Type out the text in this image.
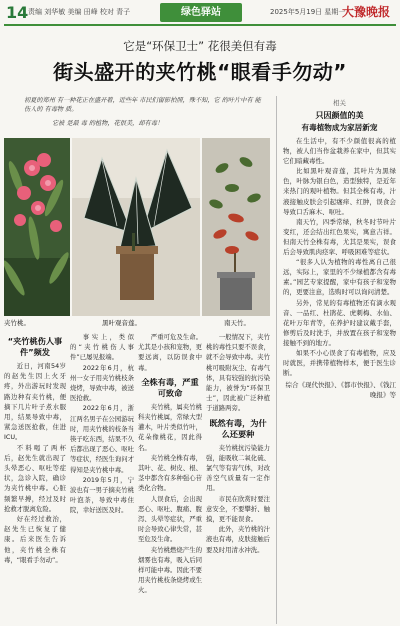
14 责编 刘华敏 美编 田峰 校对 青子	绿色驿站	2025年5月19日 星期一
大豫晚报
它是“环保卫士” 花很美但有毒
街头盛开的夹竹桃“眼看手勿动”
初夏的郑州 有一种花正在盛开着，近些年 市民们留影拍照，殊不知，它 的叶片中有 能伤人的 有毒物 质。
它被 是最 毒 的植物，花很美，却有毒！
夹竹桃。	黑叶观音莲。	南天竹。
“夹竹桃伤人事件”频发

近日，河南54岁的赵先生因上火牙疼，外出游玩时发现路边种有夹竹桃，便摘下几片叶子煮水服用，结果导致中毒，紧急送医抢救，住进ICU。

不料喝了两杯后，赵先生就出现了头晕恶心、呕吐等症状，急诊入院，确诊为夹竹桃中毒。心脏频繁早搏，经过及时抢救才脱离危险。

好在经过救治，赵先生已恢复了健康。后来医生告诉他，夹竹桃全株有毒，“眼看手勿动”。

事实上，类似的“夹竹桃伤人事件”已屡见报端。

2022年6月，杭州一女子用夹竹桃枝条烧烤，导致中毒，被送医抢救。

2022年6月，浙江两名男子在公园游玩时，用夹竹桃的枝条当筷子吃东西，结果不久后都出现了恶心、呕吐等症状，经医生询问才得知是夹竹桃中毒。

2019年5月，宁波也有一男子摘夹竹桃叶泡茶，导致中毒住院，幸好送医及时。

严重可危及生命。尤其是小孩和宠物，更要远离，以防误食中毒。

全株有毒，严重可致命

夹竹桃，属夹竹桃科夹竹桃属，常绿大型灌木，叶片类似竹叶，花朵像桃花，因此得名。

夹竹桃全株有毒，其叶、花、树皮、根、茎中都含有多种强心苷类化合物。

人误食后，会出现恶心、呕吐、腹痛、腹泻、头晕等症状，严重时会导致心律失常，甚至危及生命。

夹竹桃燃烧产生的烟雾也有毒，吸入后同样可能中毒。因此不要用夹竹桃枝条烧烤或生火。

一般情况下，夹竹桃的毒性只要不误食，就不会导致中毒。夹竹桃可吸附灰尘、有毒气体，具有较强的抗污染能力，被誉为“环保卫士”，因此被广泛种植于道路两旁。

既然有毒，为什么还要种

夹竹桃抗污染能力强，能吸收二氧化硫、氯气等有害气体，对改善空气质量有一定作用。

市民在欣赏时要注意安全，不要攀折、触摸，更不能误食。

此外，夹竹桃的汁液也有毒，皮肤接触后要及时用清水冲洗。

相关
只因颜值的美
有毒植物成为家居新宠

在生活中，有不少颜值很高的植物，被人们当作盆栽养在家中，但其实它们暗藏毒性。

比如黑叶观音莲，其叶片为黑绿色，叶脉为银白色，造型独特，是近年来热门的观叶植物。但其全株有毒，汁液接触皮肤会引起瘙痒、红肿，误食会导致口舌麻木、呕吐。

南天竹，四季常绿，秋冬时节叶片变红，还会结出红色果实，寓意吉祥。但南天竹全株有毒，尤其是果实，误食后会导致肌肉痉挛、呼吸困难等症状。

“很多人认为植物的毒性离自己很远，实际上，家里的不少绿植都含有毒素。”园艺专家提醒，家中有孩子和宠物的，更要注意，选购时可以询问清楚。

另外，常见的有毒植物还有滴水观音、一品红、杜鹃花、虎刺梅、水仙、花叶万年青等，在养护时建议戴手套，修剪后及时洗手，并放置在孩子和宠物接触不到的地方。

如果不小心误食了有毒植物，应及时就医，并携带植物样本，便于医生诊断。

综合《现代快报》、《都市快报》、《钱江晚报》等
